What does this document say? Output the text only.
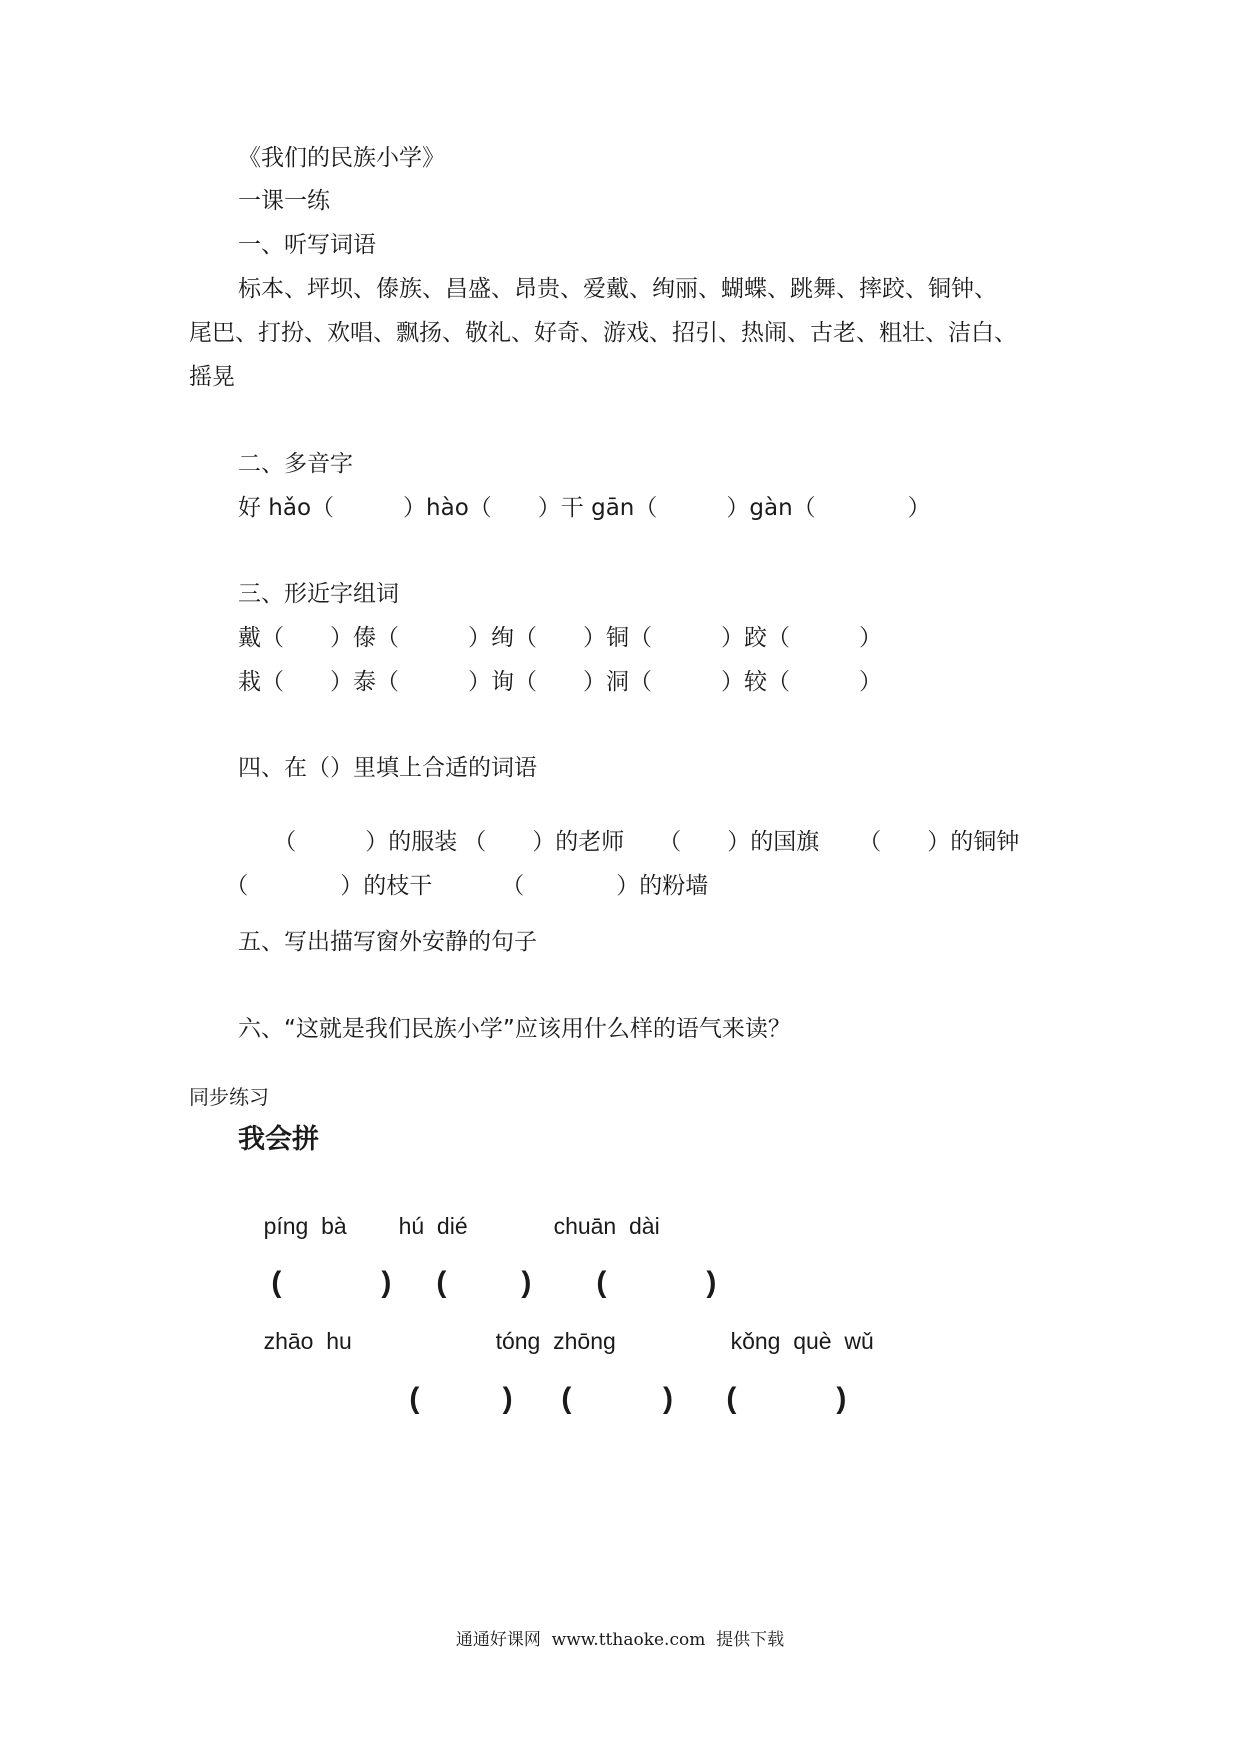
《我们的民族小学》
一课一练
一、听写词语
标本、坪坝、傣族、昌盛、昂贵、爱戴、绚丽、蝴蝶、跳舞、摔跤、铜钟、
尾巴、打扮、欢唱、飘扬、敬礼、好奇、游戏、招引、热闹、古老、粗壮、洁白、
摇晃
二、多音字
好 hǎo（　　　）hào（　　）干 gān（　　　）gàn（　　　　）
三、形近字组词
戴（　　）傣（　　　）绚（　　）铜（　　　）跤（　　　）
栽（　　）泰（　　　）询（　　）洞（　　　）较（　　　）
四、在（）里填上合适的词语

（　　　）的服装 （　　）的老师 （　　）的国旗 （　　）的铜钟

（　　　　）的枝干	（　　　　）的粉墙

五、写出描写窗外安静的句子
六、“这就是我们民族小学”应该用什么样的语气来读？
同步练习
我会拼

píng  bà hú  dié	chuān  dài

(            ) (         ) (            )

zhāo  hu	tóng  zhōng	kǒng  què  wǔ

(          ) (           ) (            )

通通好课网  www.tthaoke.com  提供下载
